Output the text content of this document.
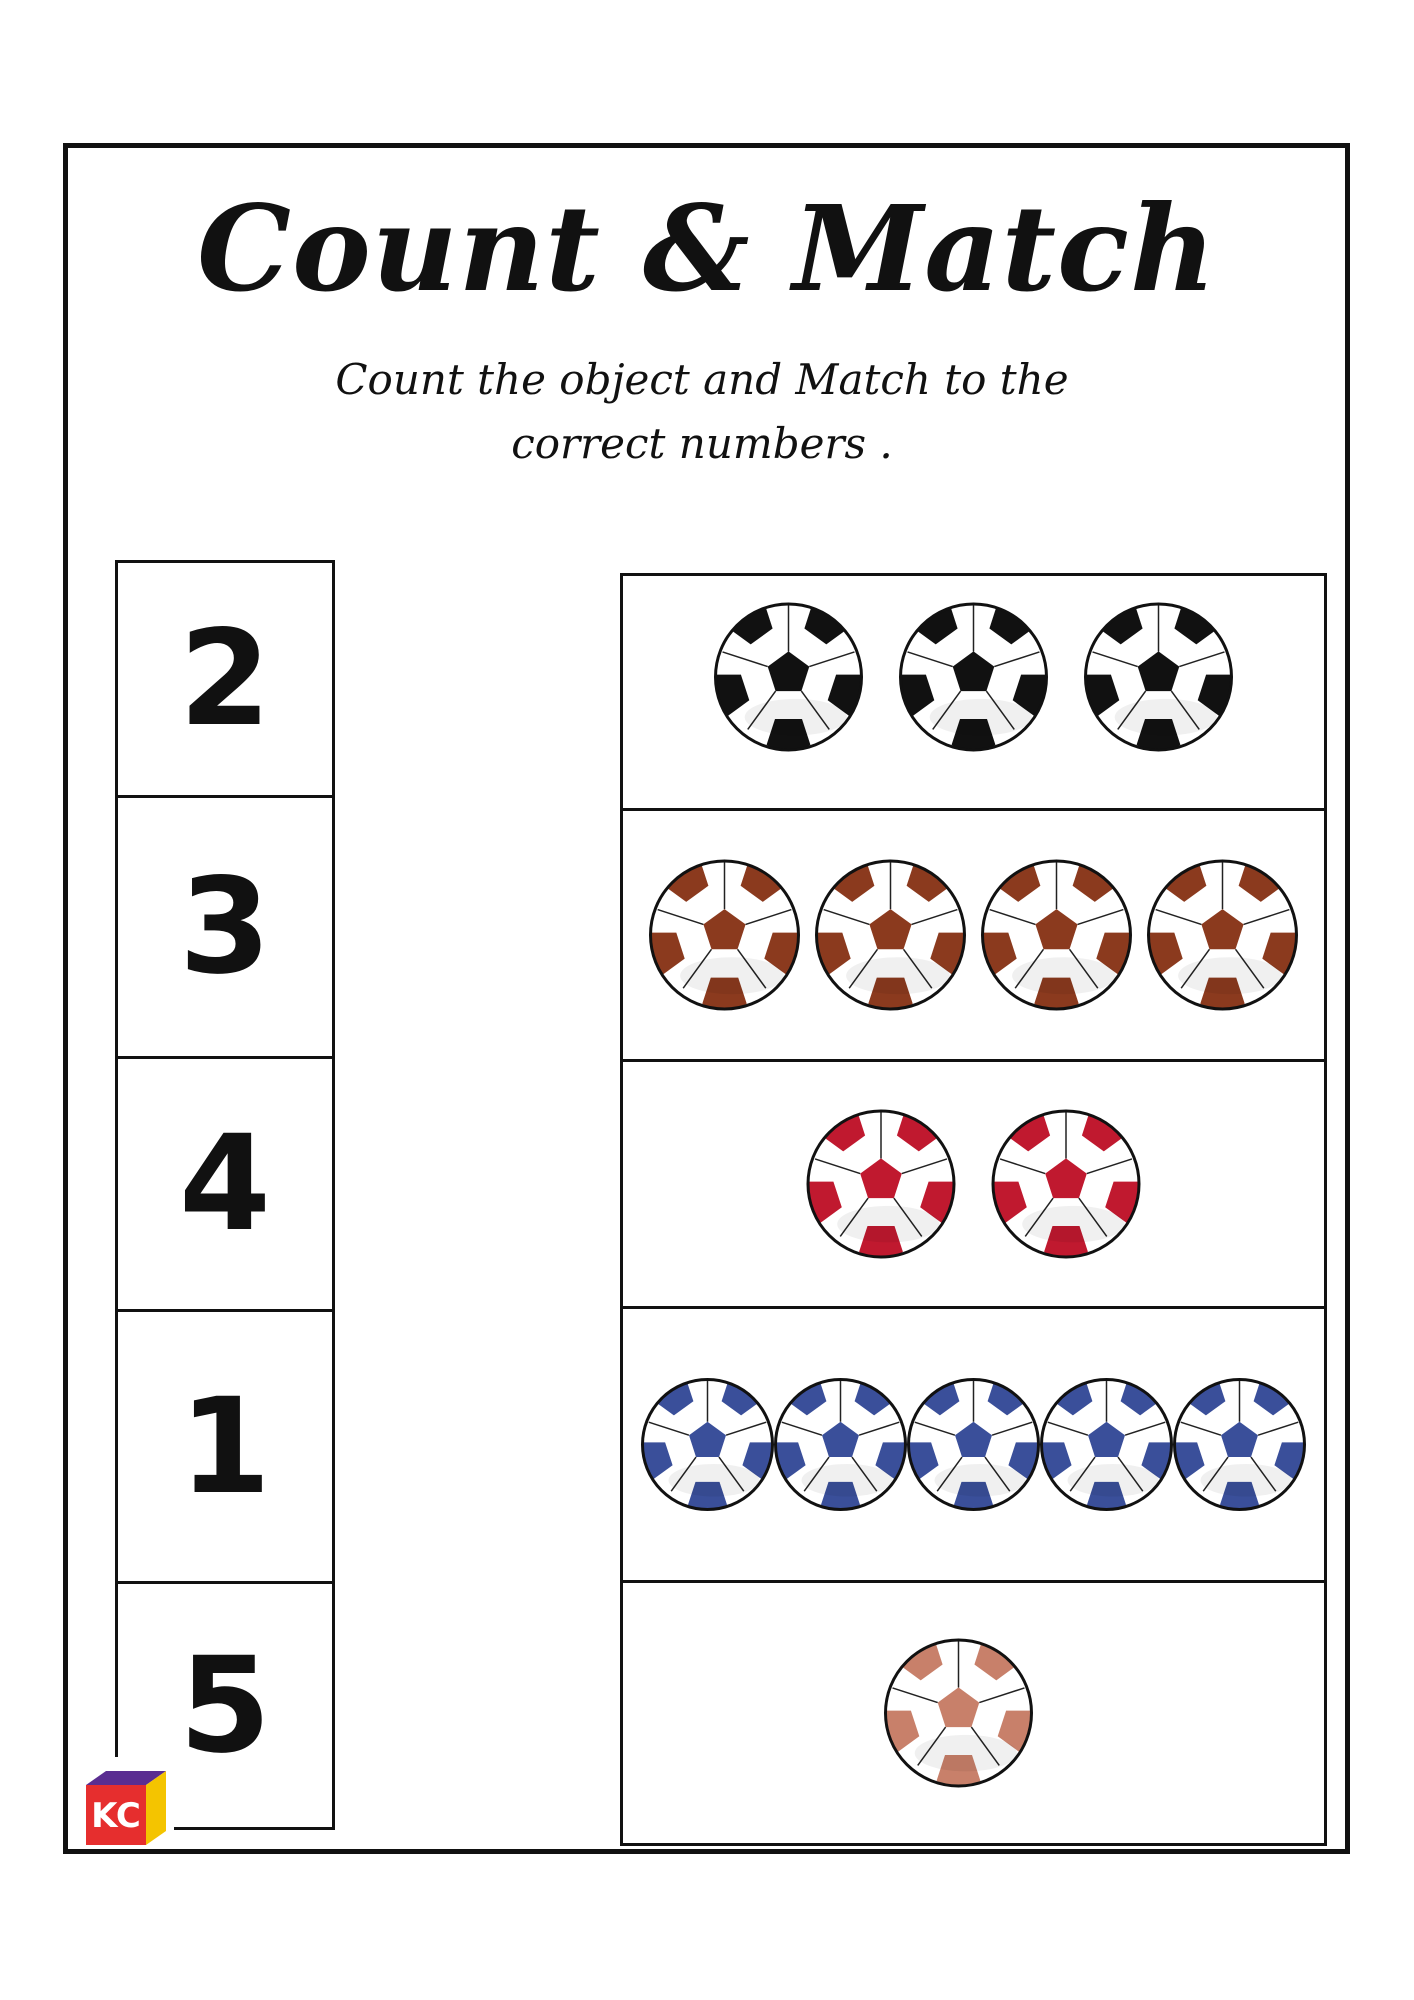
Count & Match
Count the object and Match to the correct numbers .
2
3
4
1
5
KC
